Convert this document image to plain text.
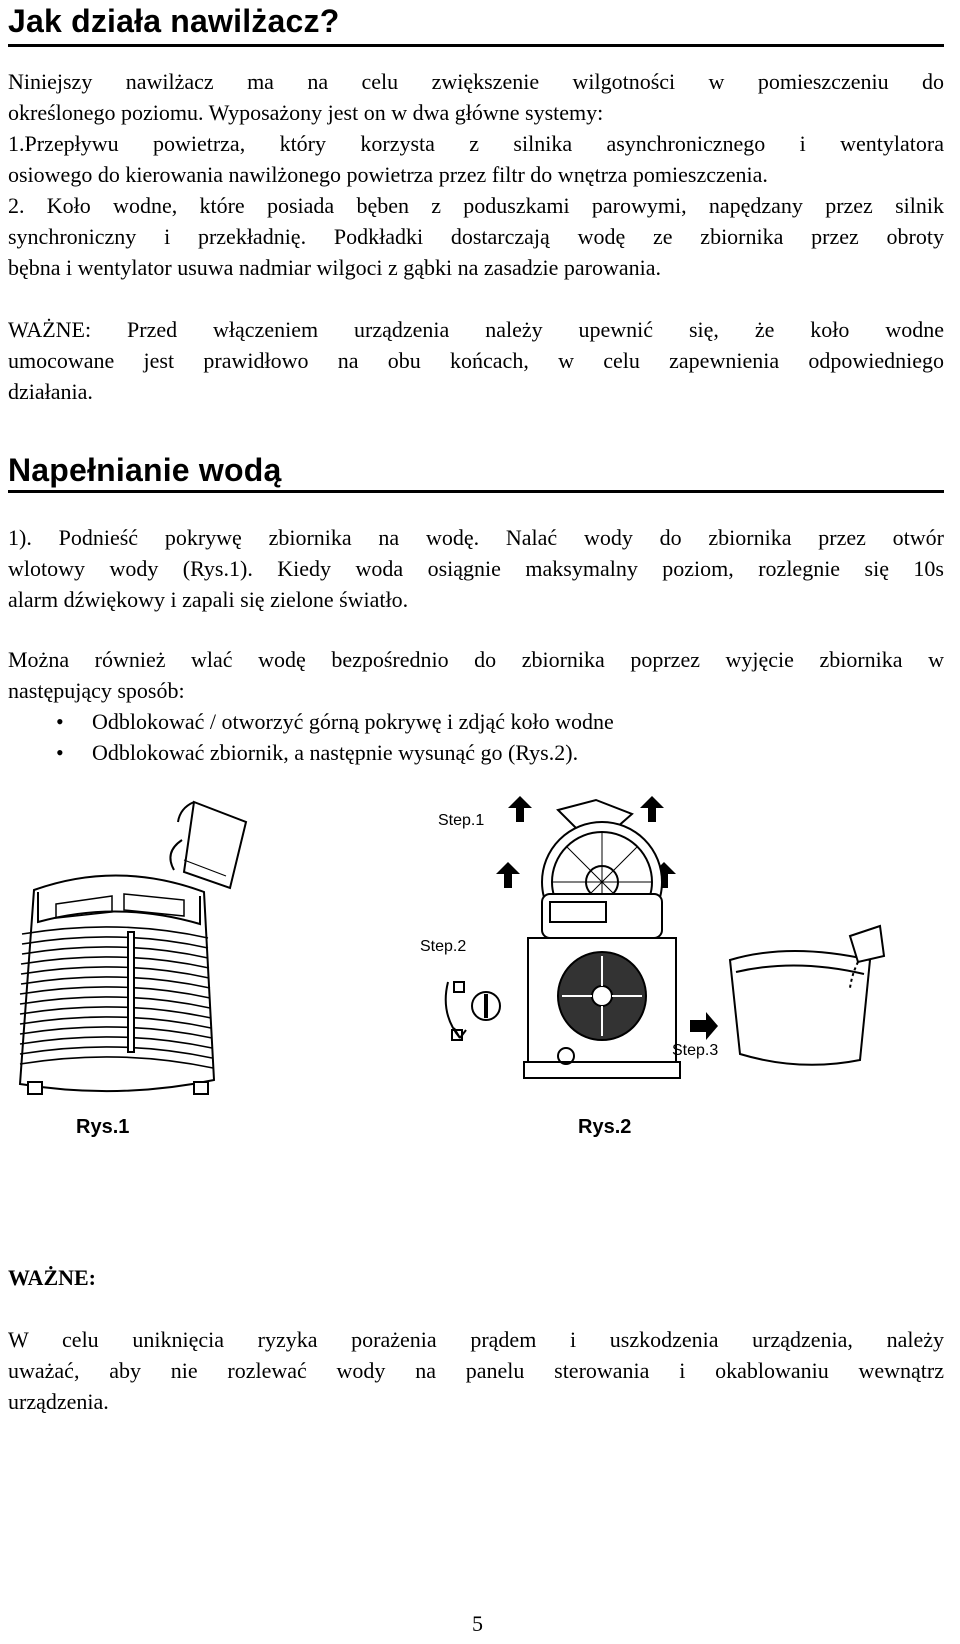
Jak działa nawilżacz?
Niniejszy nawilżacz ma na celu zwiększenie wilgotności w pomieszczeniu do
określonego poziomu. Wyposażony jest on w dwa główne systemy:
1.Przepływu powietrza, który korzysta z silnika asynchronicznego i wentylatora
osiowego do kierowania nawilżonego powietrza przez filtr do wnętrza pomieszczenia.
2. Koło wodne, które posiada bęben z poduszkami parowymi, napędzany przez silnik
synchroniczny i przekładnię. Podkładki dostarczają wodę ze zbiornika przez obroty
bębna i wentylator usuwa nadmiar wilgoci z gąbki na zasadzie parowania.
WAŻNE: Przed włączeniem urządzenia należy upewnić się, że koło wodne
umocowane jest prawidłowo na obu końcach, w celu zapewnienia odpowiedniego
działania.
Napełnianie wodą
1). Podnieść pokrywę zbiornika na wodę. Nalać wody do zbiornika przez otwór
wlotowy wody (Rys.1). Kiedy woda osiągnie maksymalny poziom, rozlegnie się 10s
alarm dźwiękowy i zapali się zielone światło.
Można również wlać wodę bezpośrednio do zbiornika poprzez wyjęcie zbiornika w
następujący sposób:
• Odblokować / otworzyć górną pokrywę i zdjąć koło wodne
• Odblokować zbiornik, a następnie wysunąć go (Rys.2).
Step.1
Step.2
Step.3
Rys.1	Rys.2

WAŻNE:

W celu uniknięcia ryzyka porażenia prądem i uszkodzenia urządzenia, należy
uważać, aby nie rozlewać wody na panelu sterowania i okablowaniu wewnątrz
urządzenia.
5
